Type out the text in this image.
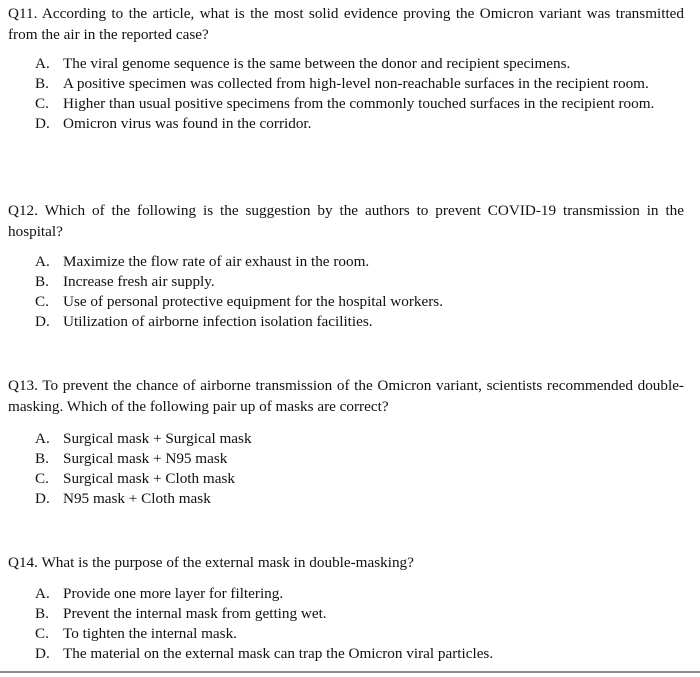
Q11. According to the article, what is the most solid evidence proving the Omicron variant was transmitted from the air in the reported case?

A. The viral genome sequence is the same between the donor and recipient specimens.
B. A positive specimen was collected from high-level non-reachable surfaces in the recipient room.
C. Higher than usual positive specimens from the commonly touched surfaces in the recipient room.
D. Omicron virus was found in the corridor.

Q12. Which of the following is the suggestion by the authors to prevent COVID-19 transmission in the hospital?

A. Maximize the flow rate of air exhaust in the room.
B. Increase fresh air supply.
C. Use of personal protective equipment for the hospital workers.
D. Utilization of airborne infection isolation facilities.

Q13. To prevent the chance of airborne transmission of the Omicron variant, scientists recommended double-masking. Which of the following pair up of masks are correct?

A. Surgical mask + Surgical mask
B. Surgical mask + N95 mask
C. Surgical mask + Cloth mask
D. N95 mask + Cloth mask

Q14. What is the purpose of the external mask in double-masking?

A. Provide one more layer for filtering.
B. Prevent the internal mask from getting wet.
C. To tighten the internal mask.
D. The material on the external mask can trap the Omicron viral particles.
